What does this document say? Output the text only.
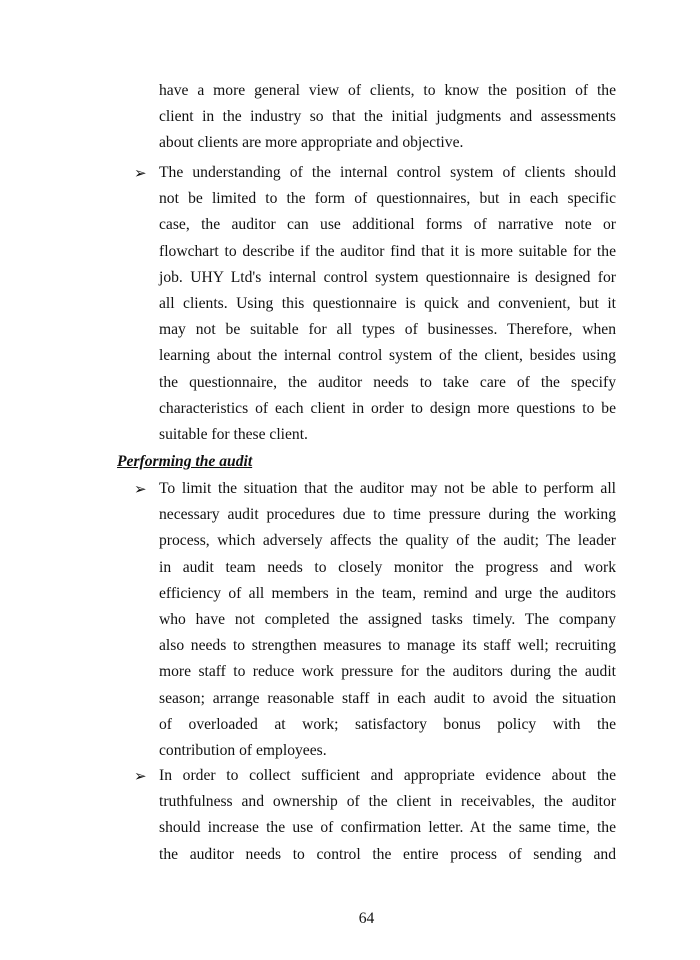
have a more general view of clients, to know the position of the
client in the industry so that the initial judgments and assessments
about clients are more appropriate and objective.
➢ The understanding of the internal control system of clients should
not be limited to the form of questionnaires, but in each specific
case, the auditor can use additional forms of narrative note or
flowchart to describe if the auditor find that it is more suitable for the
job. UHY Ltd's internal control system questionnaire is designed for
all clients. Using this questionnaire is quick and convenient, but it
may not be suitable for all types of businesses. Therefore, when
learning about the internal control system of the client, besides using
the questionnaire, the auditor needs to take care of the specify
characteristics of each client in order to design more questions to be
suitable for these client.
Performing the audit
➢ To limit the situation that the auditor may not be able to perform all
necessary audit procedures due to time pressure during the working
process, which adversely affects the quality of the audit; The leader
in audit team needs to closely monitor the progress and work
efficiency of all members in the team, remind and urge the auditors
who have not completed the assigned tasks timely. The company
also needs to strengthen measures to manage its staff well; recruiting
more staff to reduce work pressure for the auditors during the audit
season; arrange reasonable staff in each audit to avoid the situation
of overloaded at work; satisfactory bonus policy with the
contribution of employees.
➢ In order to collect sufficient and appropriate evidence about the
truthfulness and ownership of the client in receivables, the auditor
should increase the use of confirmation letter. At the same time, the
the auditor needs to control the entire process of sending and
64
